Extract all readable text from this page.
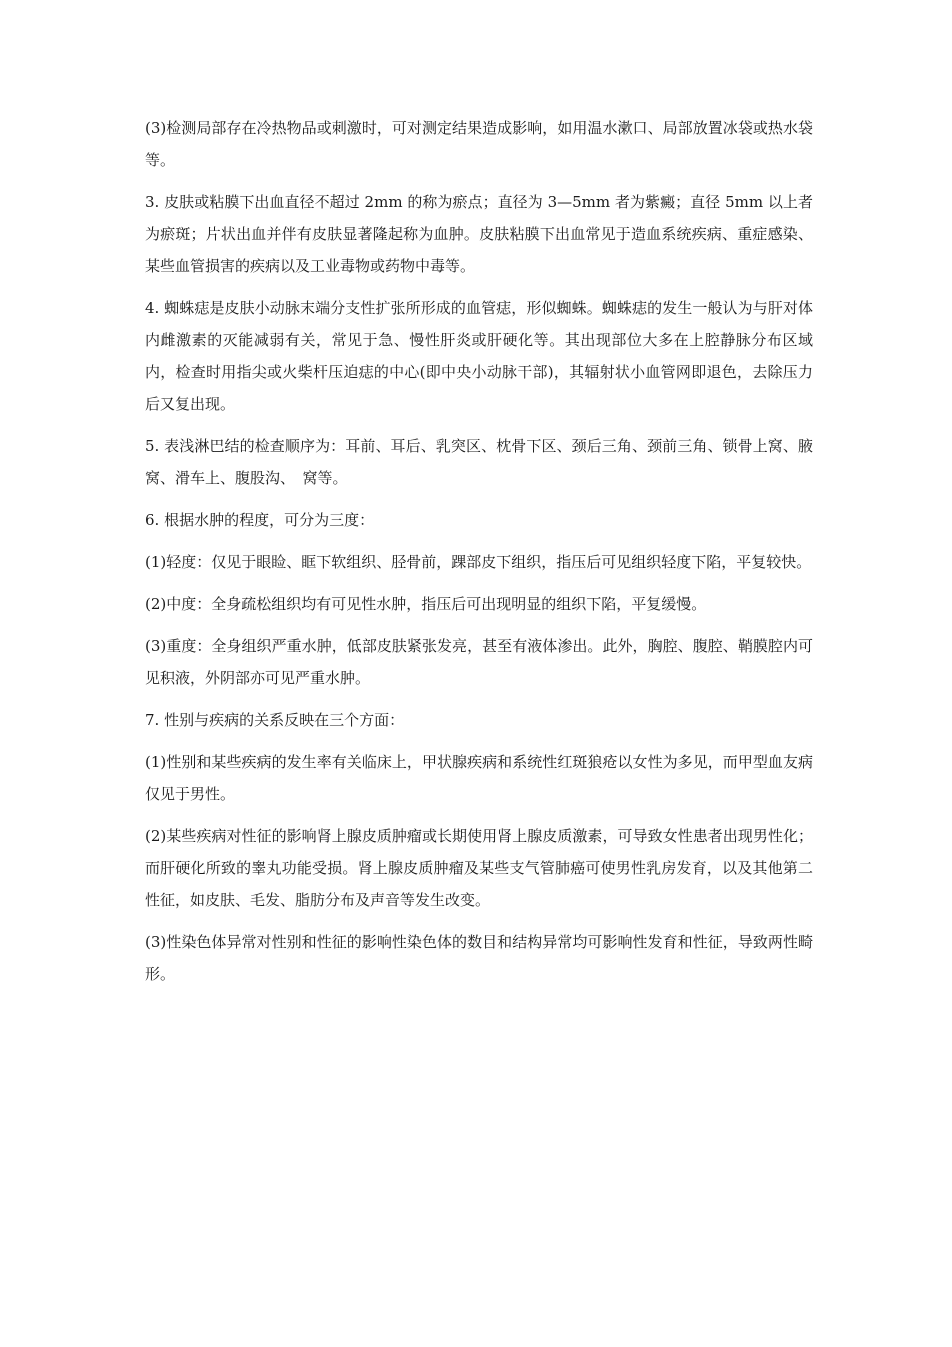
(3)检测局部存在冷热物品或刺激时，可对测定结果造成影响，如用温水漱口、局部放置冰袋或热水袋等。

3. 皮肤或粘膜下出血直径不超过 2mm 的称为瘀点；直径为 3—5mm 者为紫癜；直径 5mm 以上者为瘀斑；片状出血并伴有皮肤显著隆起称为血肿。皮肤粘膜下出血常见于造血系统疾病、重症感染、某些血管损害的疾病以及工业毒物或药物中毒等。

4. 蜘蛛痣是皮肤小动脉末端分支性扩张所形成的血管痣，形似蜘蛛。蜘蛛痣的发生一般认为与肝对体内雌激素的灭能减弱有关，常见于急、慢性肝炎或肝硬化等。其出现部位大多在上腔静脉分布区域内，检查时用指尖或火柴杆压迫痣的中心(即中央小动脉干部)，其辐射状小血管网即退色，去除压力后又复出现。

5. 表浅淋巴结的检查顺序为：耳前、耳后、乳突区、枕骨下区、颈后三角、颈前三角、锁骨上窝、腋窝、滑车上、腹股沟、　窝等。

6. 根据水肿的程度，可分为三度：

(1)轻度：仅见于眼睑、眶下软组织、胫骨前，踝部皮下组织，指压后可见组织轻度下陷，平复较快。

(2)中度：全身疏松组织均有可见性水肿，指压后可出现明显的组织下陷，平复缓慢。

(3)重度：全身组织严重水肿，低部皮肤紧张发亮，甚至有液体渗出。此外，胸腔、腹腔、鞘膜腔内可见积液，外阴部亦可见严重水肿。

7. 性别与疾病的关系反映在三个方面：

(1)性别和某些疾病的发生率有关临床上，甲状腺疾病和系统性红斑狼疮以女性为多见，而甲型血友病仅见于男性。

(2)某些疾病对性征的影响肾上腺皮质肿瘤或长期使用肾上腺皮质激素，可导致女性患者出现男性化；而肝硬化所致的睾丸功能受损。肾上腺皮质肿瘤及某些支气管肺癌可使男性乳房发育，以及其他第二性征，如皮肤、毛发、脂肪分布及声音等发生改变。

(3)性染色体异常对性别和性征的影响性染色体的数目和结构异常均可影响性发育和性征，导致两性畸形。
